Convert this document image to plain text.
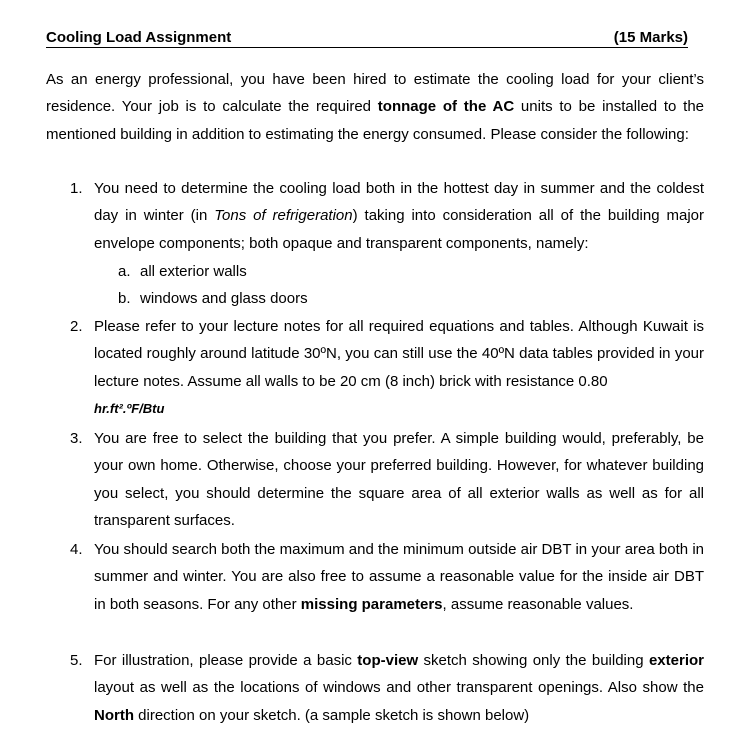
Cooling Load Assignment	(15 Marks)

As an energy professional, you have been hired to estimate the cooling load for your client’s residence. Your job is to calculate the required tonnage of the AC units to be installed to the mentioned building in addition to estimating the energy consumed. Please consider the following:

1. You need to determine the cooling load both in the hottest day in summer and the coldest day in winter (in Tons of refrigeration) taking into consideration all of the building major envelope components; both opaque and transparent components, namely:

a. all exterior walls
b. windows and glass doors
2. Please refer to your lecture notes for all required equations and tables. Although Kuwait is located roughly around latitude 30ºN, you can still use the 40ºN data tables provided in your lecture notes. Assume all walls to be 20 cm (8 inch) brick with resistance 0.80
hr.ft².ºF/Btu

3. You are free to select the building that you prefer. A simple building would, preferably, be your own home. Otherwise, choose your preferred building. However, for whatever building you select, you should determine the square area of all exterior walls as well as for all transparent surfaces.

4. You should search both the maximum and the minimum outside air DBT in your area both in summer and winter. You are also free to assume a reasonable value for the inside air DBT in both seasons. For any other missing parameters, assume reasonable values.

5. For illustration, please provide a basic top-view sketch showing only the building exterior layout as well as the locations of windows and other transparent openings. Also show the North direction on your sketch. (a sample sketch is shown below)
